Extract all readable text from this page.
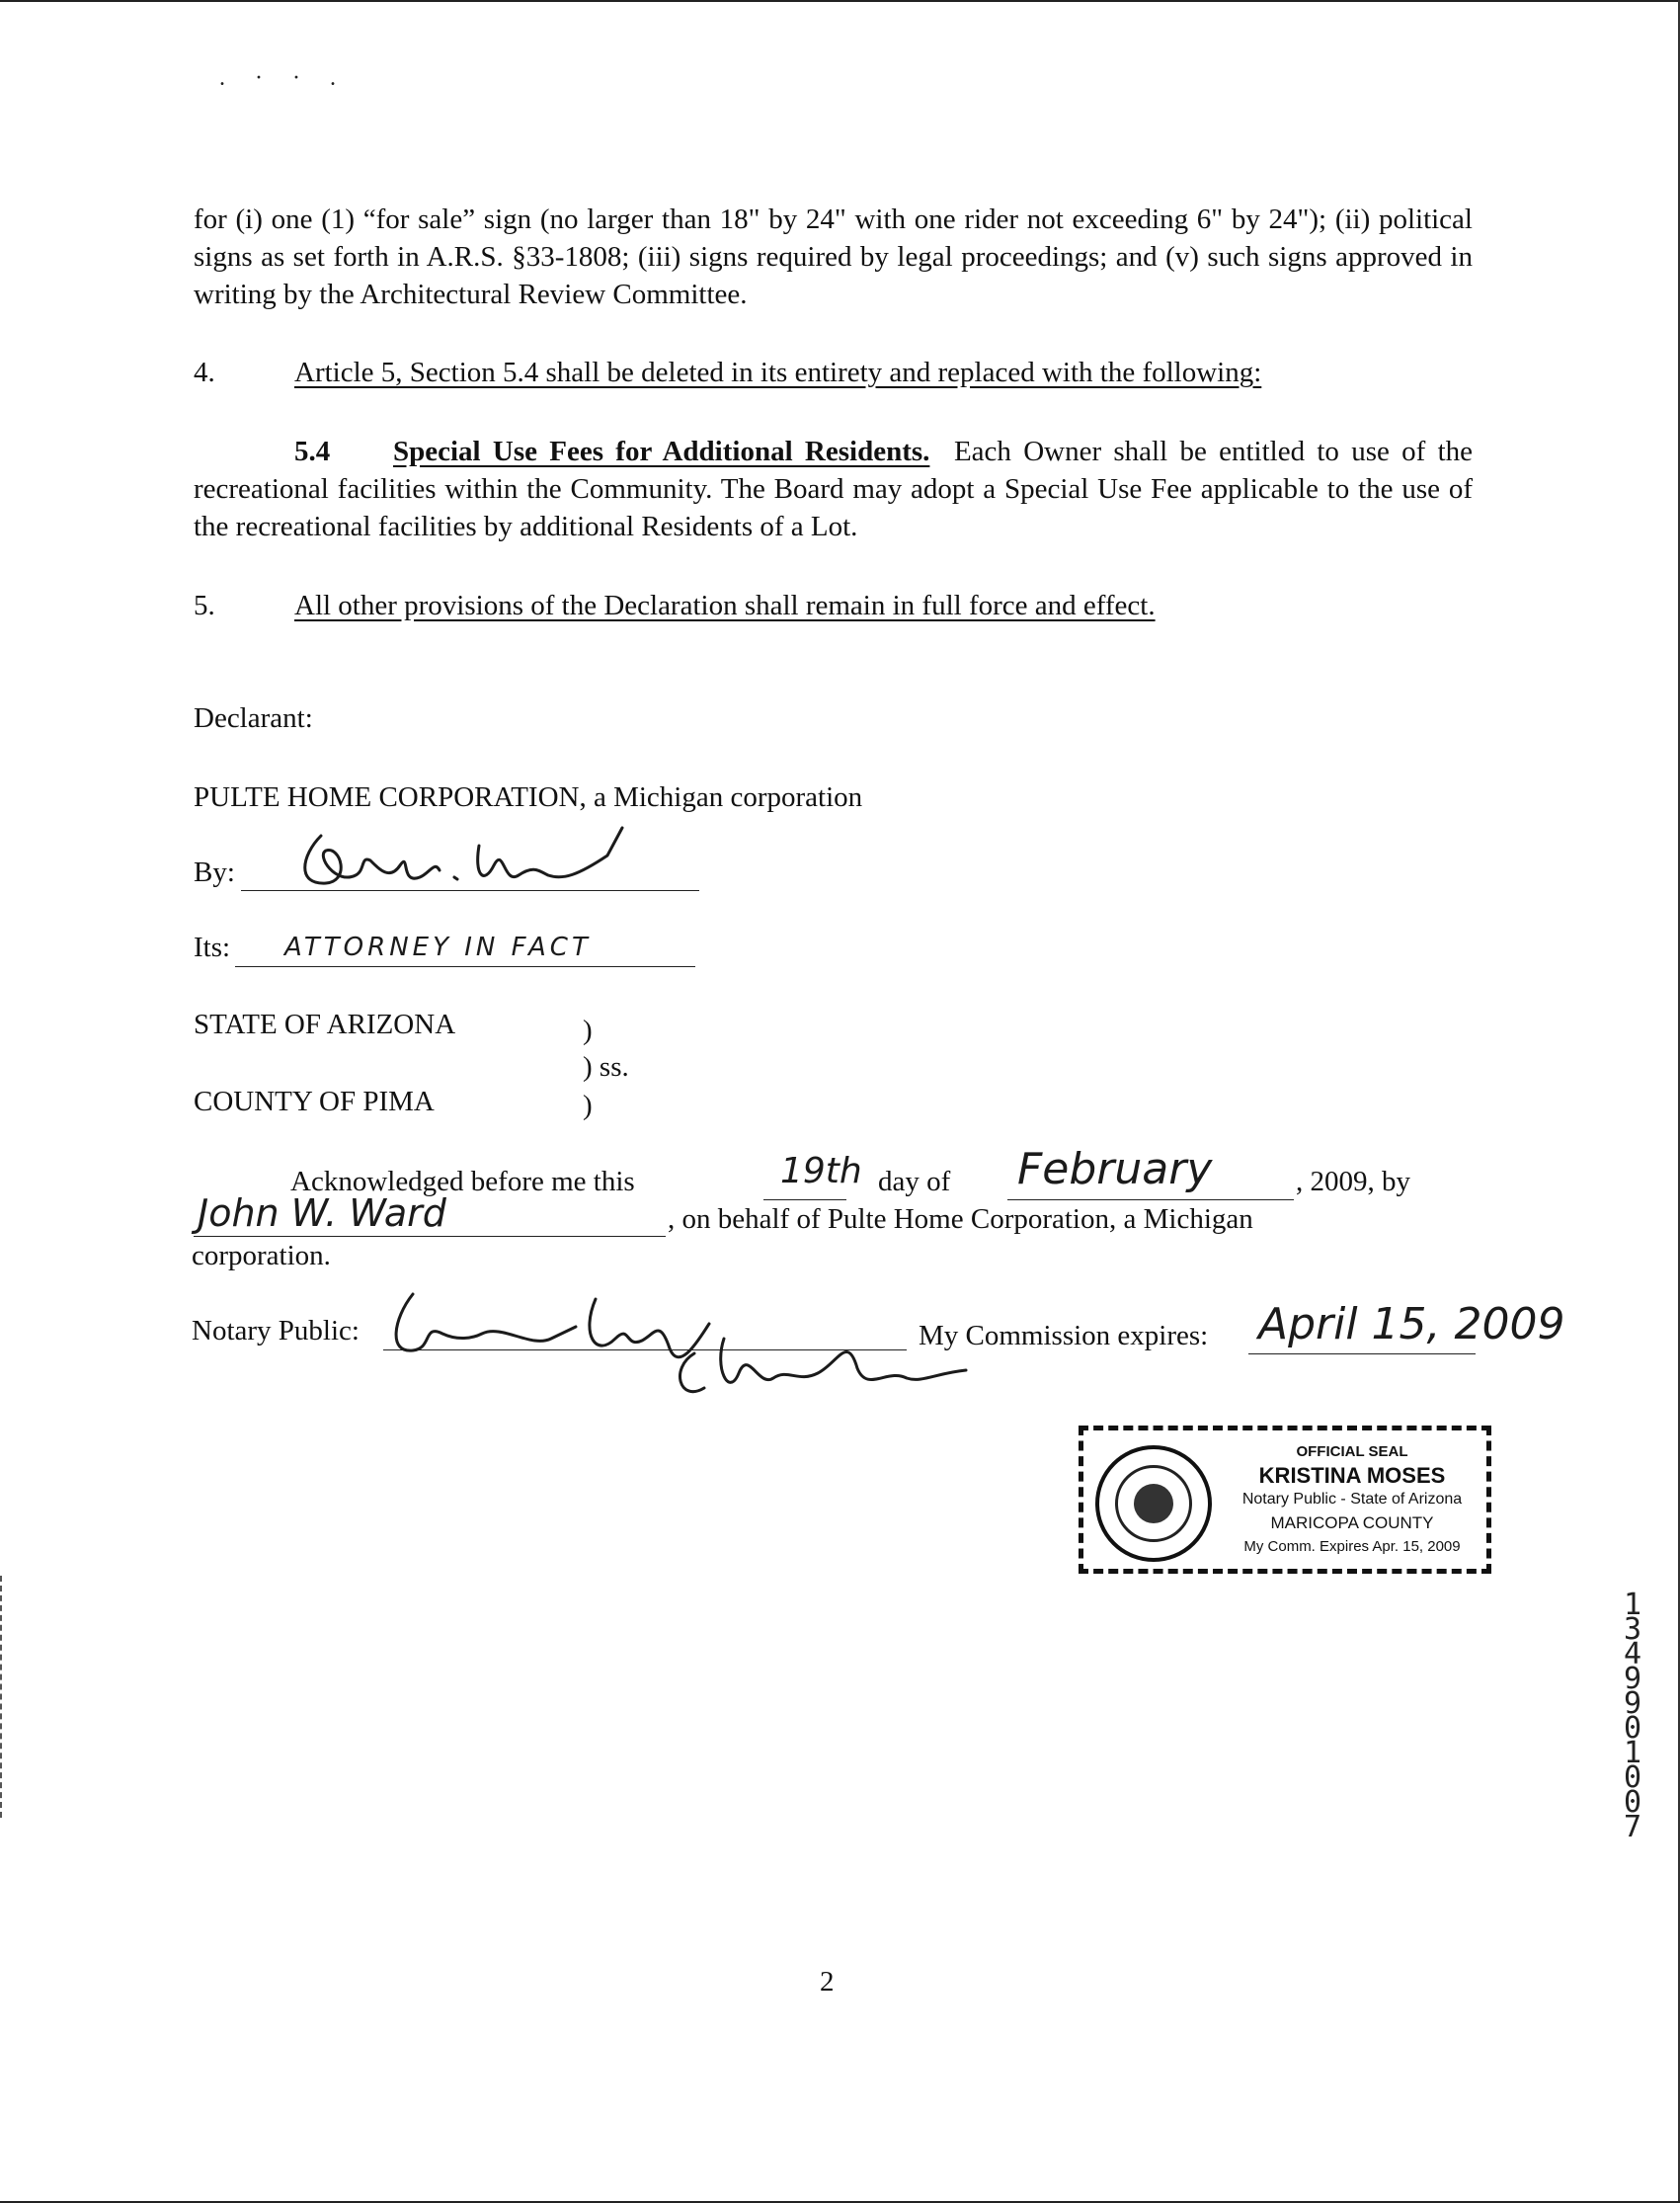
. · · .
for (i) one (1) “for sale” sign (no larger than 18" by 24" with one rider not exceeding 6" by 24"); (ii) political signs as set forth in A.R.S. §33-1808; (iii) signs required by legal proceedings; and (v) such signs approved in writing by the Architectural Review Committee.
4.	Article 5, Section 5.4 shall be deleted in its entirety and replaced with the following:
5.4 Special Use Fees for Additional Residents. Each Owner shall be entitled to use of the recreational facilities within the Community. The Board may adopt a Special Use Fee applicable to the use of the recreational facilities by additional Residents of a Lot.
5.	All other provisions of the Declaration shall remain in full force and effect.
Declarant:
PULTE HOME CORPORATION, a Michigan corporation
By:
Its: ATTORNEY IN FACT
STATE OF ARIZONA	)
) ss.
COUNTY OF PIMA	)
Acknowledged before me this	19th day of February	, 2009, by
John W. Ward	, on behalf of Pulte Home Corporation, a Michigan
corporation.
Notary Public:	My Commission expires: April 15, 2009
OFFICIAL SEAL
KRISTINA MOSES
Notary Public - State of Arizona
MARICOPA COUNTY
My Comm. Expires Apr. 15, 2009
1349901007
2
